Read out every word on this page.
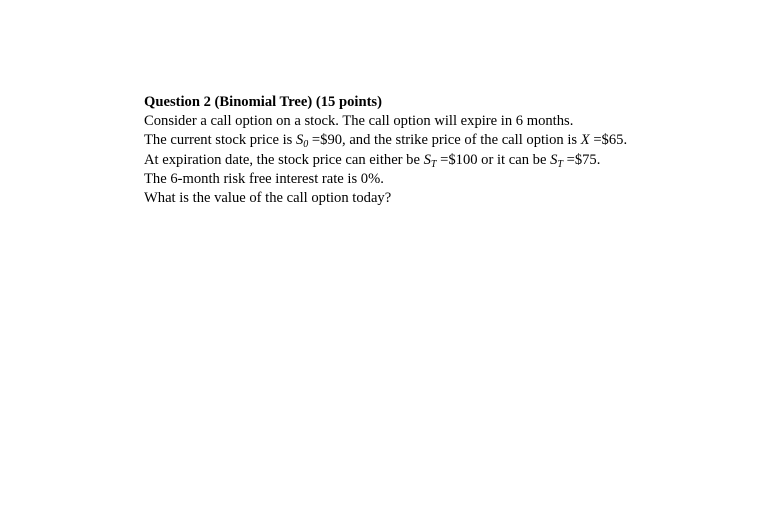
Question 2 (Binomial Tree) (15 points)

Consider a call option on a stock. The call option will expire in 6 months.

The current stock price is $S_0$ =$90, and the strike price of the call option is X =$65.

At expiration date, the stock price can either be $S_T$ =$100 or it can be $S_T$ =$75.

The 6-month risk free interest rate is 0%.

What is the value of the call option today?
